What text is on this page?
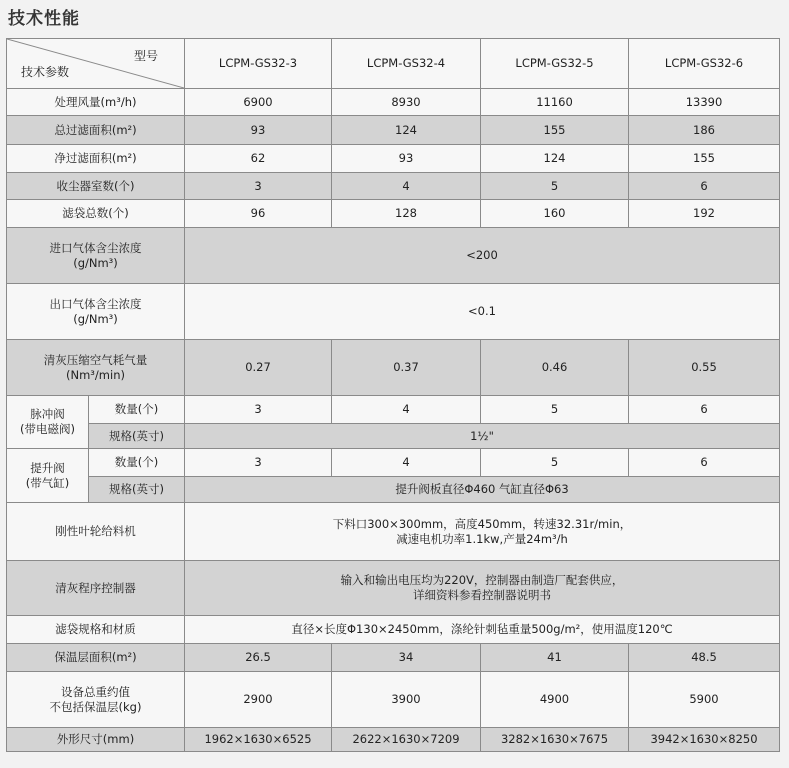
技术性能
型号
技术参数		LCPM-GS32-3	LCPM-GS32-4	LCPM-GS32-5	LCPM-GS32-6
处理风量(m³/h)		6900	8930	11160	13390
总过滤面积(m²)		93	124	155	186
净过滤面积(m²)		62	93	124	155
收尘器室数(个)		3	4	5	6
滤袋总数(个)		96	128	160	192
进口气体含尘浓度
(g/Nm³)		<200			
出口气体含尘浓度
(g/Nm³)		<0.1			
清灰压缩空气耗气量
(Nm³/min)		0.27	0.37	0.46	0.55
脉冲阀
(带电磁阀)	数量(个)	3	4	5	6
	规格(英寸)	1½"			
提升阀
(带气缸)	数量(个)	3	4	5	6
	规格(英寸)	提升阀板直径Φ460 气缸直径Φ63			
刚性叶轮给料机		下料口300×300mm，高度450mm，转速32.31r/min，
减速电机功率1.1kw,产量24m³/h			
清灰程序控制器		输入和输出电压均为220V，控制器由制造厂配套供应，
详细资料参看控制器说明书			
滤袋规格和材质		直径×长度Φ130×2450mm，涤纶针刺毡重量500g/m²，使用温度120℃			
保温层面积(m²)		26.5	34	41	48.5
设备总重约值
不包括保温层(kg)		2900	3900	4900	5900
外形尺寸(mm)		1962×1630×6525	2622×1630×7209	3282×1630×7675	3942×1630×8250
